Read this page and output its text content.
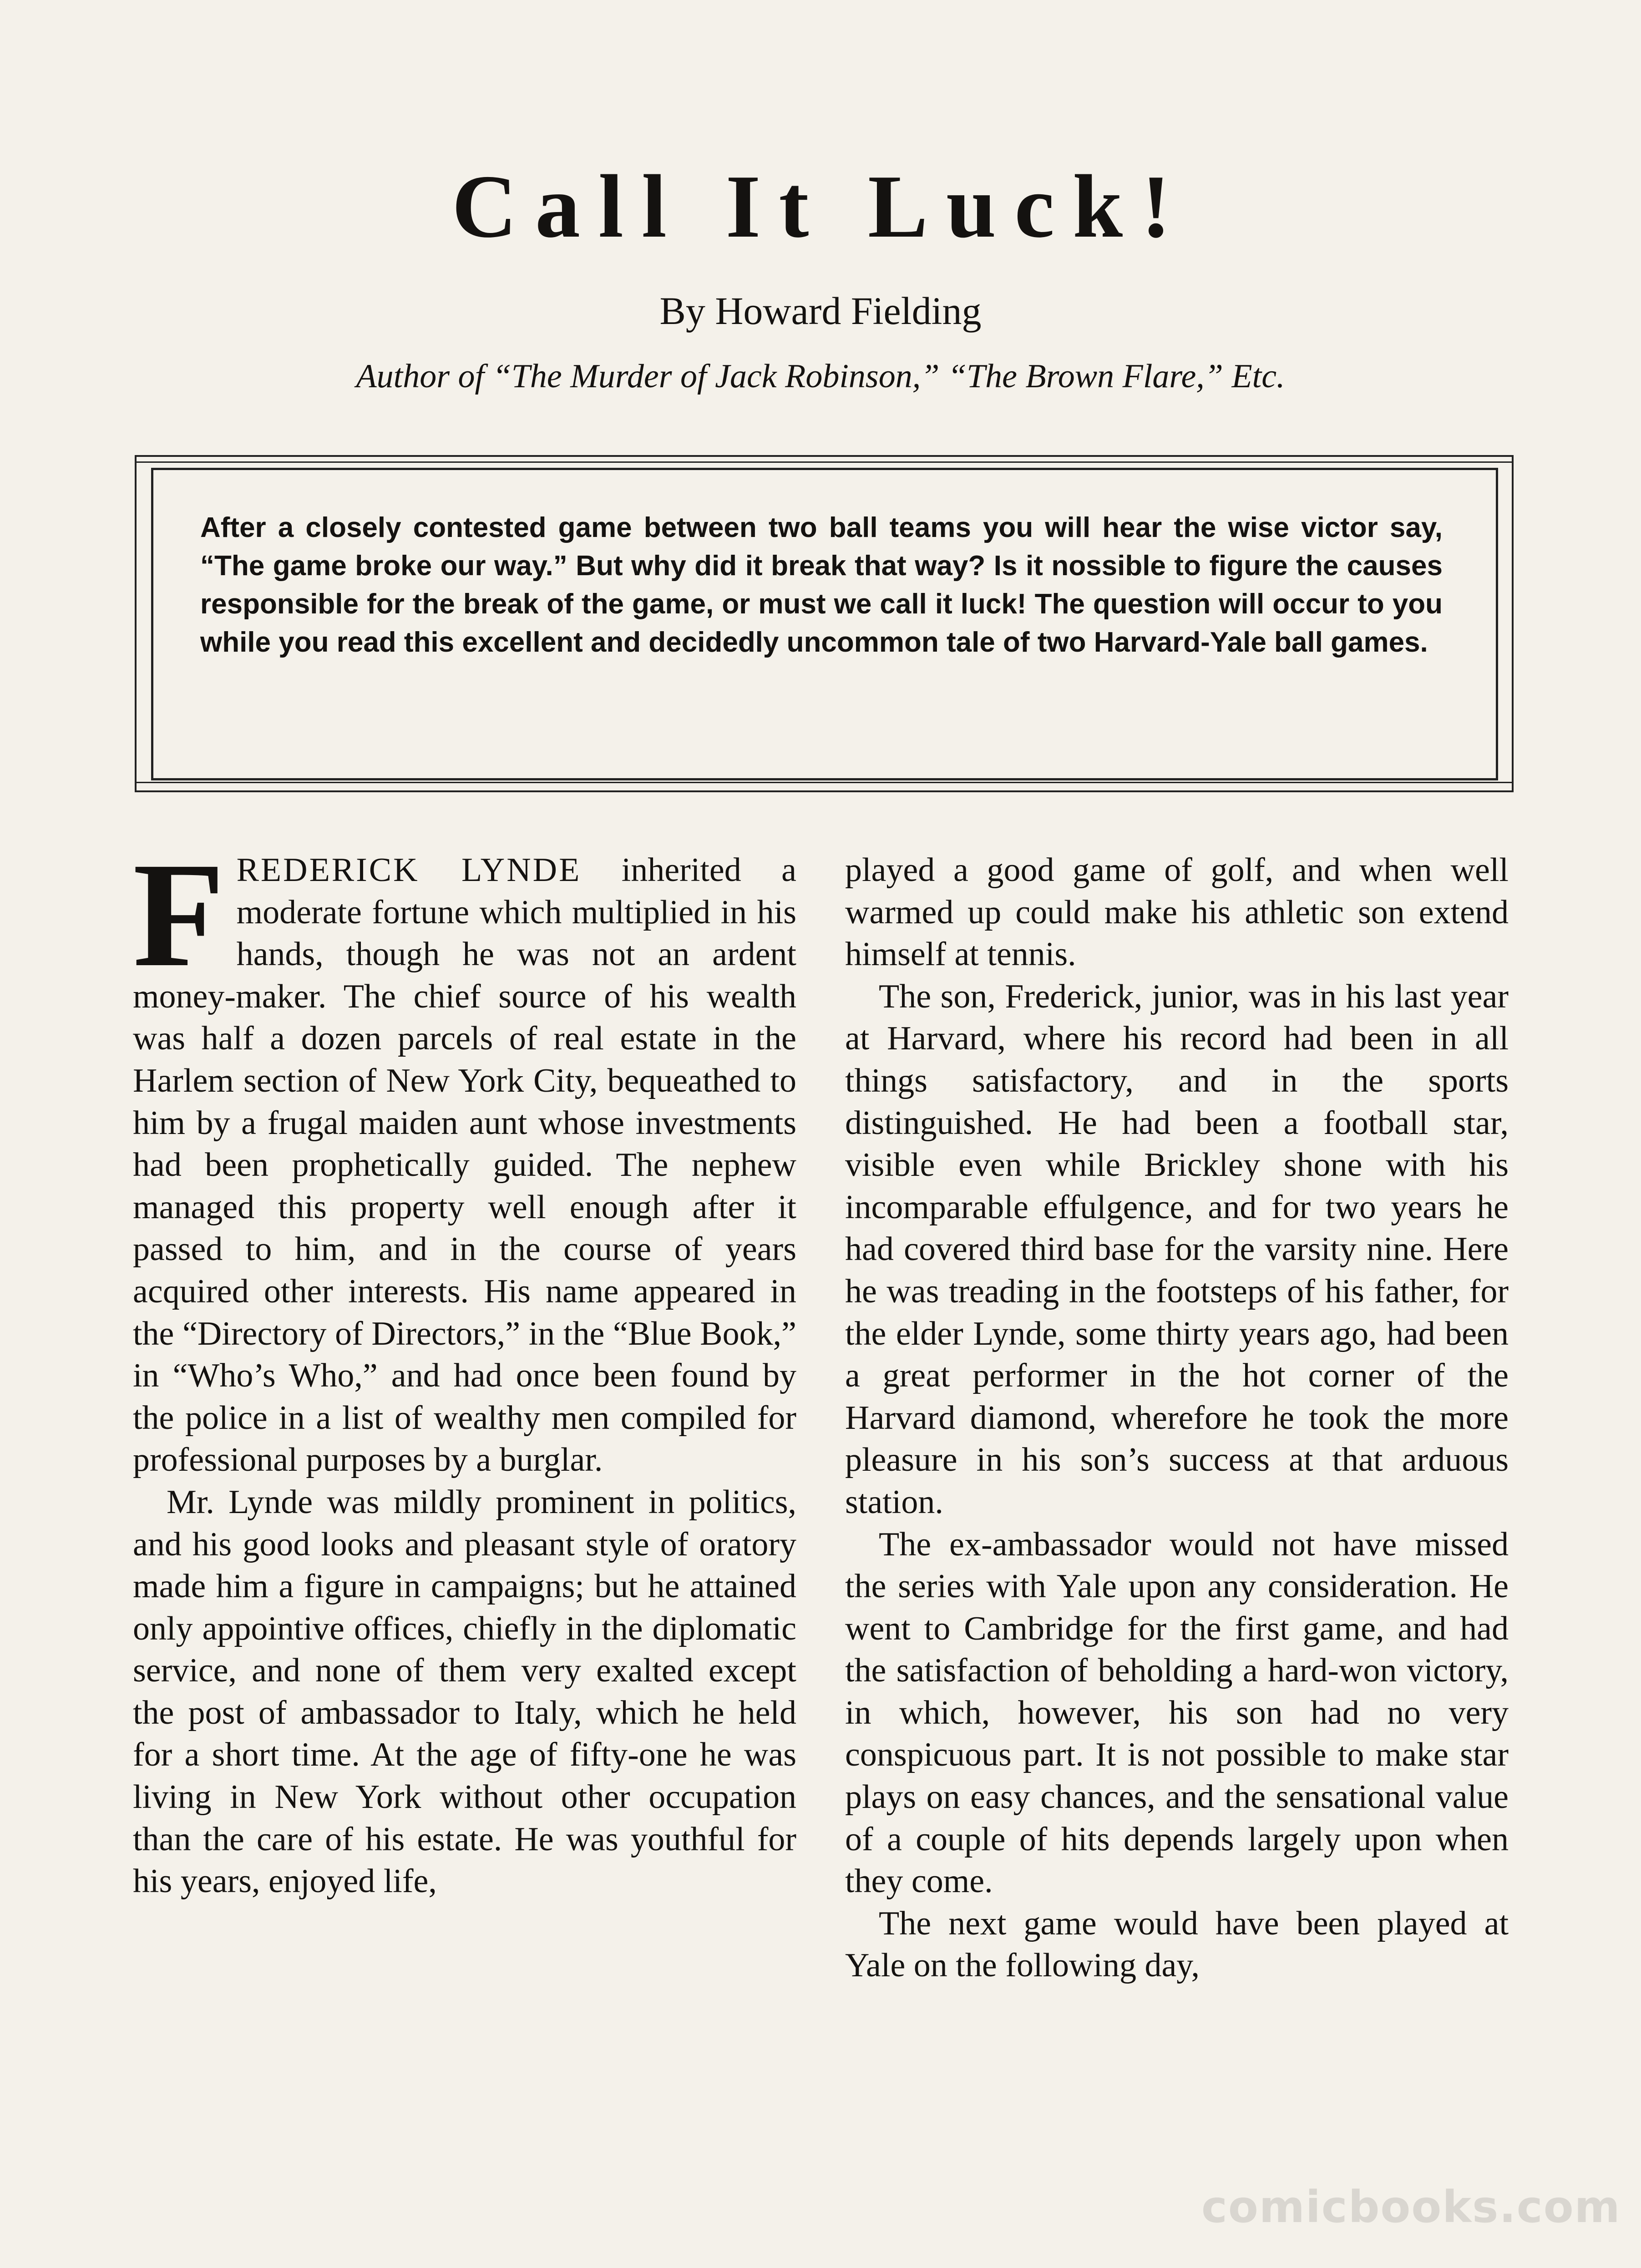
Call It Luck!
By Howard Fielding
Author of “The Murder of Jack Robinson,” “The Brown Flare,” Etc.
After a closely contested game between two ball teams you will hear the wise victor say, “The game broke our way.” But why did it break that way? Is it nossible to figure the causes responsible for the break of the game, or must we call it luck! The question will occur to you while you read this excellent and decidedly uncommon tale of two Harvard-Yale ball games.

FREDERICK LYNDE inherited a moderate fortune which multiplied in his hands, though he was not an ardent money-maker. The chief source of his wealth was half a dozen parcels of real estate in the Harlem section of New York City, bequeathed to him by a frugal maiden aunt whose investments had been prophetically guided. The nephew managed this property well enough after it passed to him, and in the course of years acquired other interests. His name appeared in the “Directory of Directors,” in the “Blue Book,” in “Who’s Who,” and had once been found by the police in a list of wealthy men compiled for professional purposes by a burglar.

Mr. Lynde was mildly prominent in politics, and his good looks and pleasant style of oratory made him a figure in campaigns; but he attained only appointive offices, chiefly in the diplomatic service, and none of them very exalted except the post of ambassador to Italy, which he held for a short time. At the age of fifty-one he was living in New York without other occupation than the care of his estate. He was youthful for his years, enjoyed life,

played a good game of golf, and when well warmed up could make his athletic son extend himself at tennis.

The son, Frederick, junior, was in his last year at Harvard, where his record had been in all things satisfactory, and in the sports distinguished. He had been a football star, visible even while Brickley shone with his incomparable effulgence, and for two years he had covered third base for the varsity nine. Here he was treading in the footsteps of his father, for the elder Lynde, some thirty years ago, had been a great performer in the hot corner of the Harvard diamond, wherefore he took the more pleasure in his son’s success at that arduous station.

The ex-ambassador would not have missed the series with Yale upon any consideration. He went to Cambridge for the first game, and had the satisfaction of beholding a hard-won victory, in which, however, his son had no very conspicuous part. It is not possible to make star plays on easy chances, and the sensational value of a couple of hits depends largely upon when they come.

The next game would have been played at Yale on the following day,

comicbooks.com
